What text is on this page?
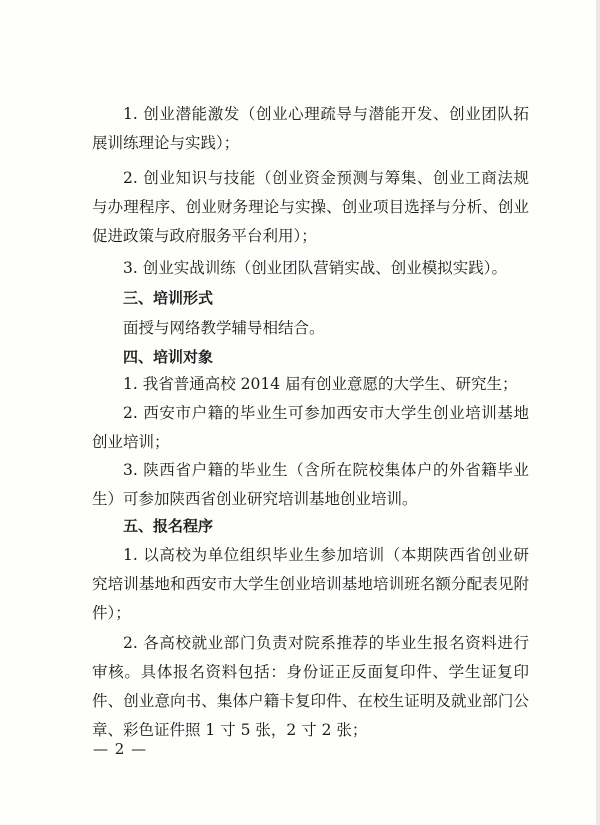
1. 创业潜能激发（创业心理疏导与潜能开发、创业团队拓展训练理论与实践）；

2. 创业知识与技能（创业资金预测与筹集、创业工商法规与办理程序、创业财务理论与实操、创业项目选择与分析、创业促进政策与政府服务平台利用）；

3. 创业实战训练（创业团队营销实战、创业模拟实践）。

三、培训形式

面授与网络教学辅导相结合。

四、培训对象

1. 我省普通高校 2014 届有创业意愿的大学生、研究生；

2. 西安市户籍的毕业生可参加西安市大学生创业培训基地创业培训；

3. 陕西省户籍的毕业生（含所在院校集体户的外省籍毕业生）可参加陕西省创业研究培训基地创业培训。

五、报名程序

1. 以高校为单位组织毕业生参加培训（本期陕西省创业研究培训基地和西安市大学生创业培训基地培训班名额分配表见附件）；

2. 各高校就业部门负责对院系推荐的毕业生报名资料进行审核。具体报名资料包括：身份证正反面复印件、学生证复印件、创业意向书、集体户籍卡复印件、在校生证明及就业部门公章、彩色证件照 1 寸 5 张，2 寸 2 张；

— 2 —
